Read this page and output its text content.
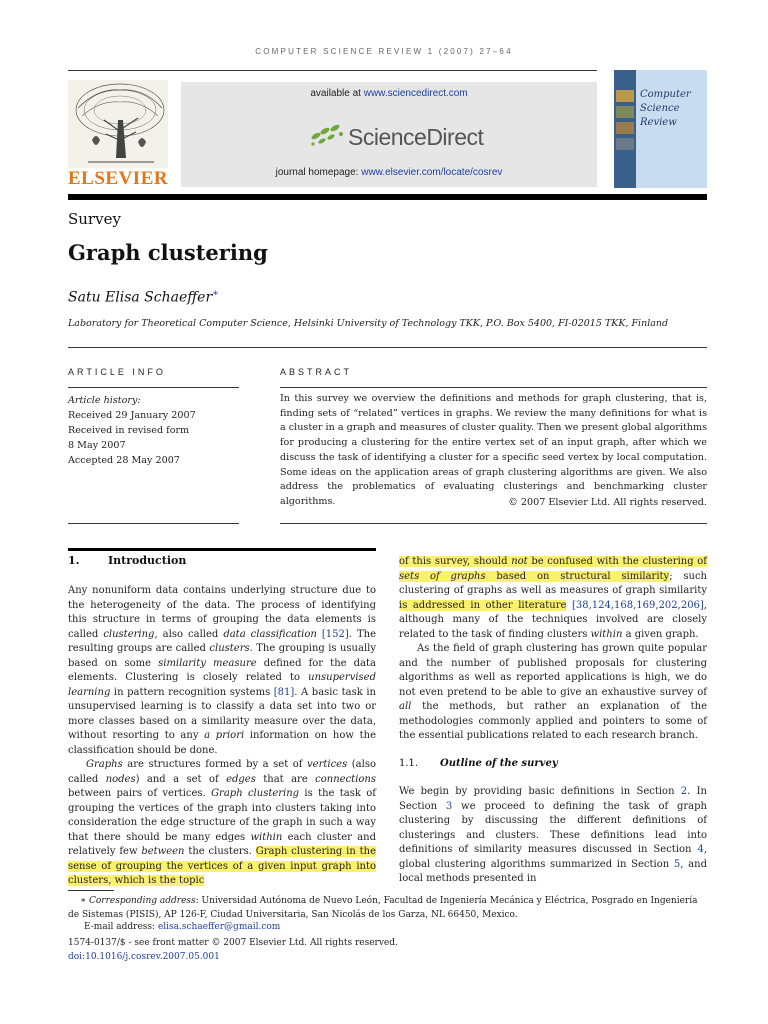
COMPUTER SCIENCE REVIEW 1 (2007) 27–64
ELSEVIER
available at www.sciencedirect.com
ScienceDirect
journal homepage: www.elsevier.com/locate/cosrev
Computer
Science
Review
Survey
Graph clustering
Satu Elisa Schaeffer∗
Laboratory for Theoretical Computer Science, Helsinki University of Technology TKK, P.O. Box 5400, FI-02015 TKK, Finland
ARTICLE INFO
Article history:
Received 29 January 2007
Received in revised form
8 May 2007
Accepted 28 May 2007
ABSTRACT
In this survey we overview the definitions and methods for graph clustering, that is, finding sets of “related” vertices in graphs. We review the many definitions for what is a cluster in a graph and measures of cluster quality. Then we present global algorithms for producing a clustering for the entire vertex set of an input graph, after which we discuss the task of identifying a cluster for a specific seed vertex by local computation. Some ideas on the application areas of graph clustering algorithms are given. We also address the problematics of evaluating clusterings and benchmarking cluster algorithms.	© 2007 Elsevier Ltd. All rights reserved.
1.	Introduction

Any nonuniform data contains underlying structure due to the heterogeneity of the data. The process of identifying this structure in terms of grouping the data elements is called clustering, also called data classification [152]. The resulting groups are called clusters. The grouping is usually based on some similarity measure defined for the data elements. Clustering is closely related to unsupervised learning in pattern recognition systems [81]. A basic task in unsupervised learning is to classify a data set into two or more classes based on a similarity measure over the data, without resorting to any a priori information on how the classification should be done.

Graphs are structures formed by a set of vertices (also called nodes) and a set of edges that are connections between pairs of vertices. Graph clustering is the task of grouping the vertices of the graph into clusters taking into consideration the edge structure of the graph in such a way that there should be many edges within each cluster and relatively few between the clusters. Graph clustering in the sense of grouping the vertices of a given input graph into clusters, which is the topic

of this survey, should not be confused with the clustering of sets of graphs based on structural similarity; such clustering of graphs as well as measures of graph similarity is addressed in other literature [38,124,168,169,202,206], although many of the techniques involved are closely related to the task of finding clusters within a given graph.

As the field of graph clustering has grown quite popular and the number of published proposals for clustering algorithms as well as reported applications is high, we do not even pretend to be able to give an exhaustive survey of all the methods, but rather an explanation of the methodologies commonly applied and pointers to some of the essential publications related to each research branch.

1.1. Outline of the survey

We begin by providing basic definitions in Section 2. In Section 3 we proceed to defining the task of graph clustering by discussing the different definitions of clusterings and clusters. These definitions lead into definitions of similarity measures discussed in Section 4, global clustering algorithms summarized in Section 5, and local methods presented in

∗ Corresponding address: Universidad Autónoma de Nuevo León, Facultad de Ingeniería Mecánica y Eléctrica, Posgrado en Ingeniería de Sistemas (PISIS), AP 126-F, Ciudad Universitaria, San Nicolás de los Garza, NL 66450, Mexico.
E-mail address: elisa.schaeffer@gmail.com
1574-0137/$ - see front matter © 2007 Elsevier Ltd. All rights reserved.
doi:10.1016/j.cosrev.2007.05.001
